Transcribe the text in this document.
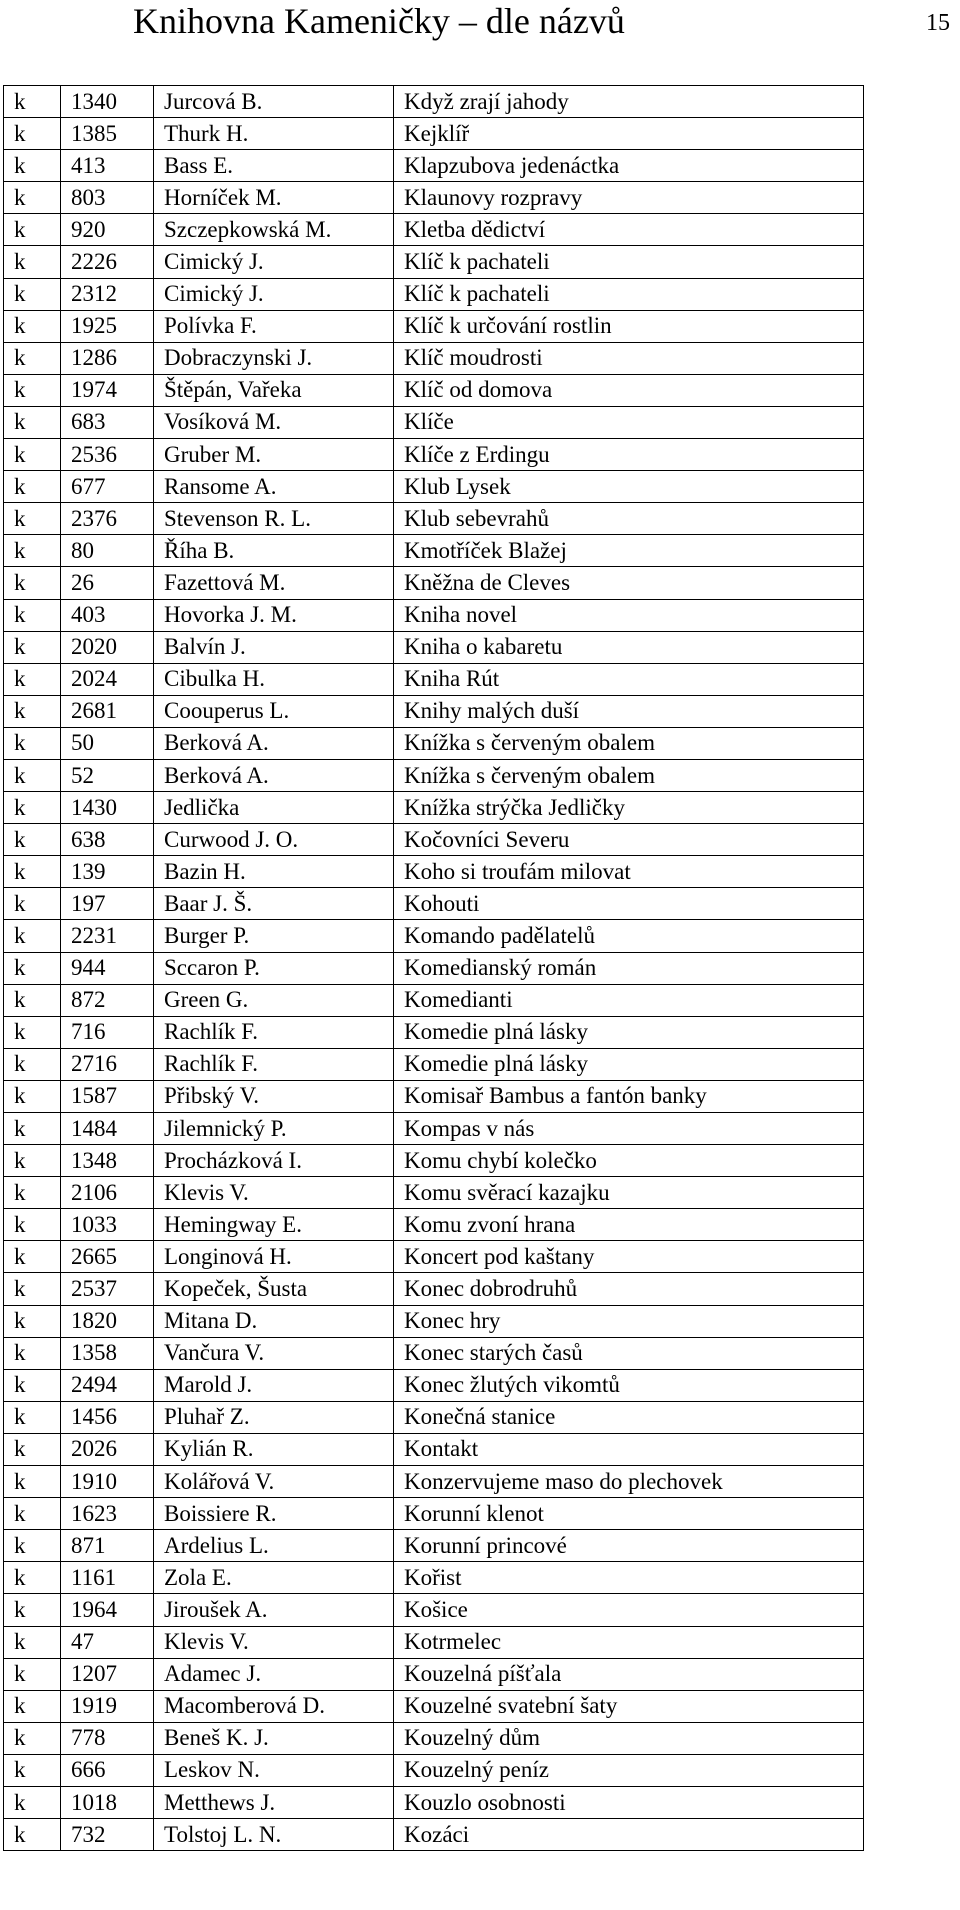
Knihovna Kameničky – dle názvů	15
k	1340	Jurcová B.	Když zrají jahody
k	1385	Thurk H.	Kejklíř
k	413	Bass E.	Klapzubova jedenáctka
k	803	Horníček M.	Klaunovy rozpravy
k	920	Szczepkowská M.	Kletba dědictví
k	2226	Cimický J.	Klíč k pachateli
k	2312	Cimický J.	Klíč k pachateli
k	1925	Polívka F.	Klíč k určování rostlin
k	1286	Dobraczynski J.	Klíč moudrosti
k	1974	Štěpán, Vařeka	Klíč od domova
k	683	Vosíková M.	Klíče
k	2536	Gruber M.	Klíče z Erdingu
k	677	Ransome A.	Klub Lysek
k	2376	Stevenson R. L.	Klub sebevrahů
k	80	Říha B.	Kmotříček Blažej
k	26	Fazettová M.	Kněžna de Cleves
k	403	Hovorka J. M.	Kniha novel
k	2020	Balvín J.	Kniha o kabaretu
k	2024	Cibulka H.	Kniha Rút
k	2681	Coouperus L.	Knihy malých duší
k	50	Berková A.	Knížka s červeným obalem
k	52	Berková A.	Knížka s červeným obalem
k	1430	Jedlička	Knížka strýčka Jedličky
k	638	Curwood J. O.	Kočovníci Severu
k	139	Bazin H.	Koho si troufám milovat
k	197	Baar J. Š.	Kohouti
k	2231	Burger P.	Komando padělatelů
k	944	Sccaron P.	Komedianský román
k	872	Green G.	Komedianti
k	716	Rachlík F.	Komedie plná lásky
k	2716	Rachlík F.	Komedie plná lásky
k	1587	Přibský V.	Komisař Bambus a fantón banky
k	1484	Jilemnický P.	Kompas v nás
k	1348	Procházková I.	Komu chybí kolečko
k	2106	Klevis V.	Komu svěrací kazajku
k	1033	Hemingway E.	Komu zvoní hrana
k	2665	Longinová H.	Koncert pod kaštany
k	2537	Kopeček, Šusta	Konec dobrodruhů
k	1820	Mitana D.	Konec hry
k	1358	Vančura V.	Konec starých časů
k	2494	Marold J.	Konec žlutých vikomtů
k	1456	Pluhař Z.	Konečná stanice
k	2026	Kylián R.	Kontakt
k	1910	Kolářová V.	Konzervujeme maso do plechovek
k	1623	Boissiere R.	Korunní klenot
k	871	Ardelius L.	Korunní princové
k	1161	Zola E.	Kořist
k	1964	Jiroušek A.	Košice
k	47	Klevis V.	Kotrmelec
k	1207	Adamec J.	Kouzelná píšťala
k	1919	Macomberová D.	Kouzelné svatební šaty
k	778	Beneš K. J.	Kouzelný dům
k	666	Leskov N.	Kouzelný peníz
k	1018	Metthews J.	Kouzlo osobnosti
k	732	Tolstoj L. N.	Kozáci
